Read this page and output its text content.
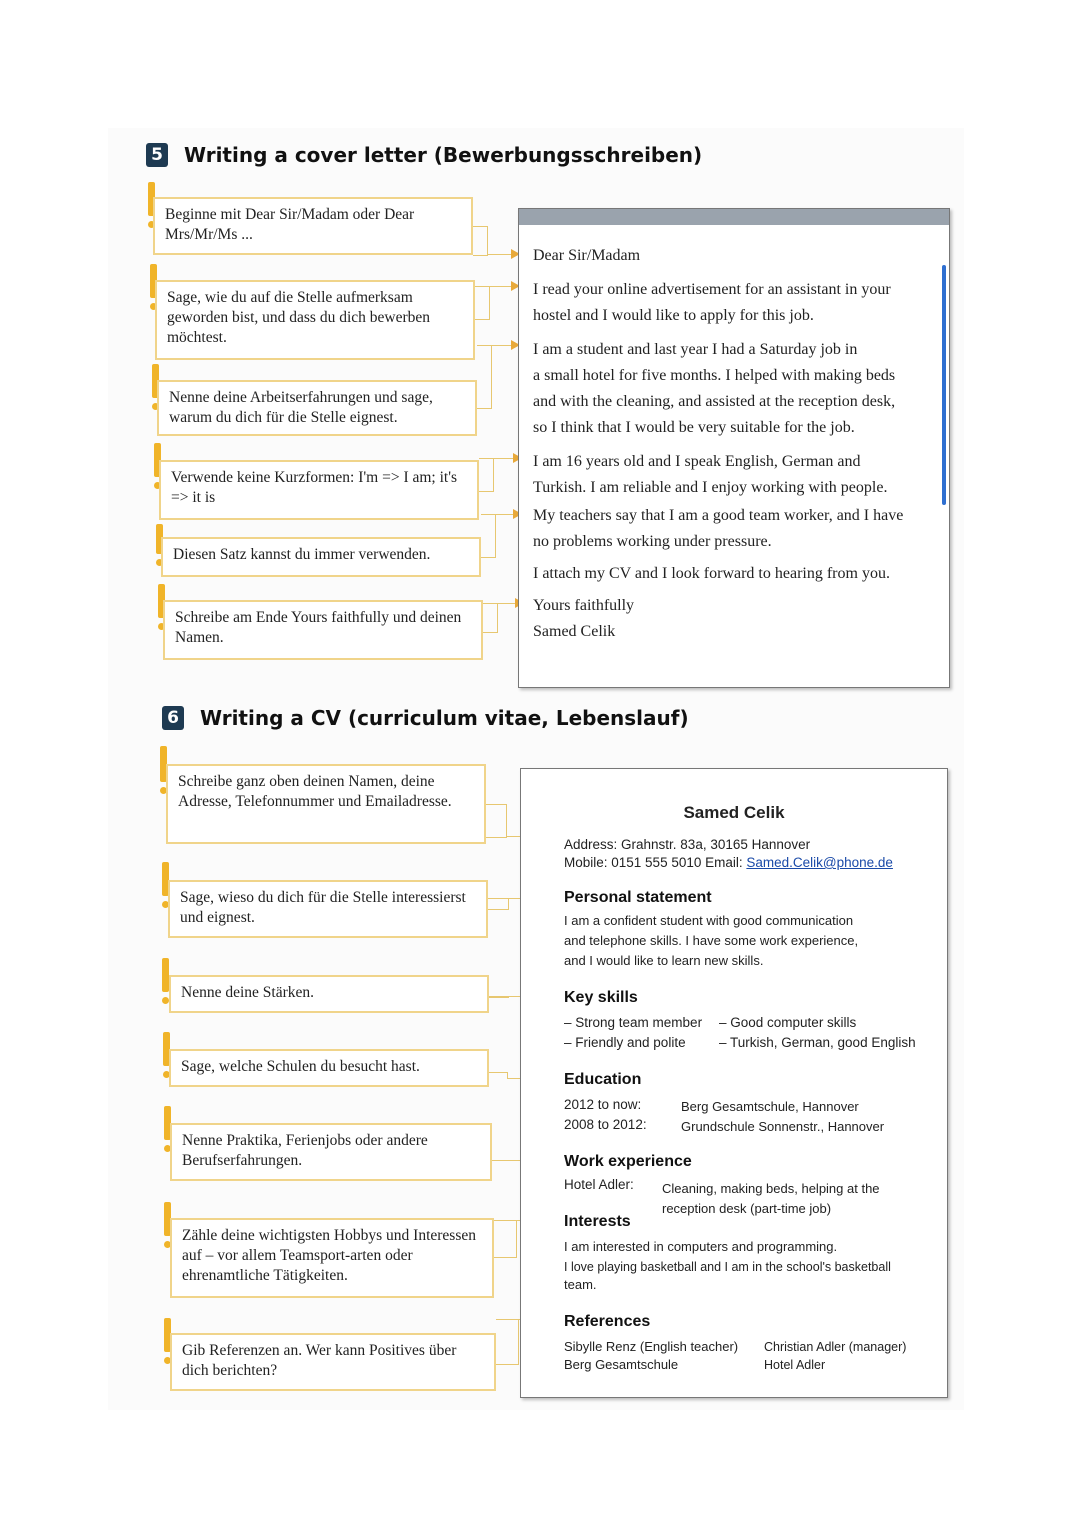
5 Writing a cover letter (Bewerbungsschreiben)
Beginne mit Dear Sir/Madam oder Dear Mrs/Mr/Ms ...
Sage, wie du auf die Stelle aufmerksam geworden bist, und dass du dich bewerben möchtest.
Nenne deine Arbeitserfahrungen und sage, warum du dich für die Stelle eignest.
Verwende keine Kurzformen: I'm => I am; it's => it is
Diesen Satz kannst du immer verwenden.
Schreibe am Ende Yours faithfully und deinen Namen.
Dear Sir/Madam
I read your online advertisement for an assistant in your
hostel and I would like to apply for this job.
I am a student and last year I had a Saturday job in
a small hotel for five months. I helped with making beds
and with the cleaning, and assisted at the reception desk,
so I think that I would be very suitable for the job.
I am 16 years old and I speak English, German and
Turkish. I am reliable and I enjoy working with people.
My teachers say that I am a good team worker, and I have
no problems working under pressure.
I attach my CV and I look forward to hearing from you.
Yours faithfully
Samed Celik
6 Writing a CV (curriculum vitae, Lebenslauf)
Schreibe ganz oben deinen Namen, deine Adresse, Telefonnummer und Emailadresse.
Sage, wieso du dich für die Stelle interessierst und eignest.
Nenne deine Stärken.
Sage, welche Schulen du besucht hast.
Nenne Praktika, Ferienjobs oder andere Berufserfahrungen.
Zähle deine wichtigsten Hobbys und Interessen auf – vor allem Teamsport-arten oder ehrenamtliche Tätigkeiten.
Gib Referenzen an. Wer kann Positives über dich berichten?
Samed Celik
Address: Grahnstr. 83a, 30165 Hannover
Mobile: 0151 555 5010 Email: Samed.Celik@phone.de
Personal statement
I am a confident student with good communication
and telephone skills. I have some work experience,
and I would like to learn new skills.
Key skills
– Strong team member – Good computer skills
– Friendly and polite – Turkish, German, good English
Education
2012 to now:	Berg Gesamtschule, Hannover
2008 to 2012:	Grundschule Sonnenstr., Hannover
Work experience
Hotel Adler: Cleaning, making beds, helping at the
reception desk (part-time job)
Interests
I am interested in computers and programming.
I love playing basketball and I am in the school's basketball
team.
References
Sibylle Renz (English teacher)
Berg Gesamtschule
Christian Adler (manager)
Hotel Adler
